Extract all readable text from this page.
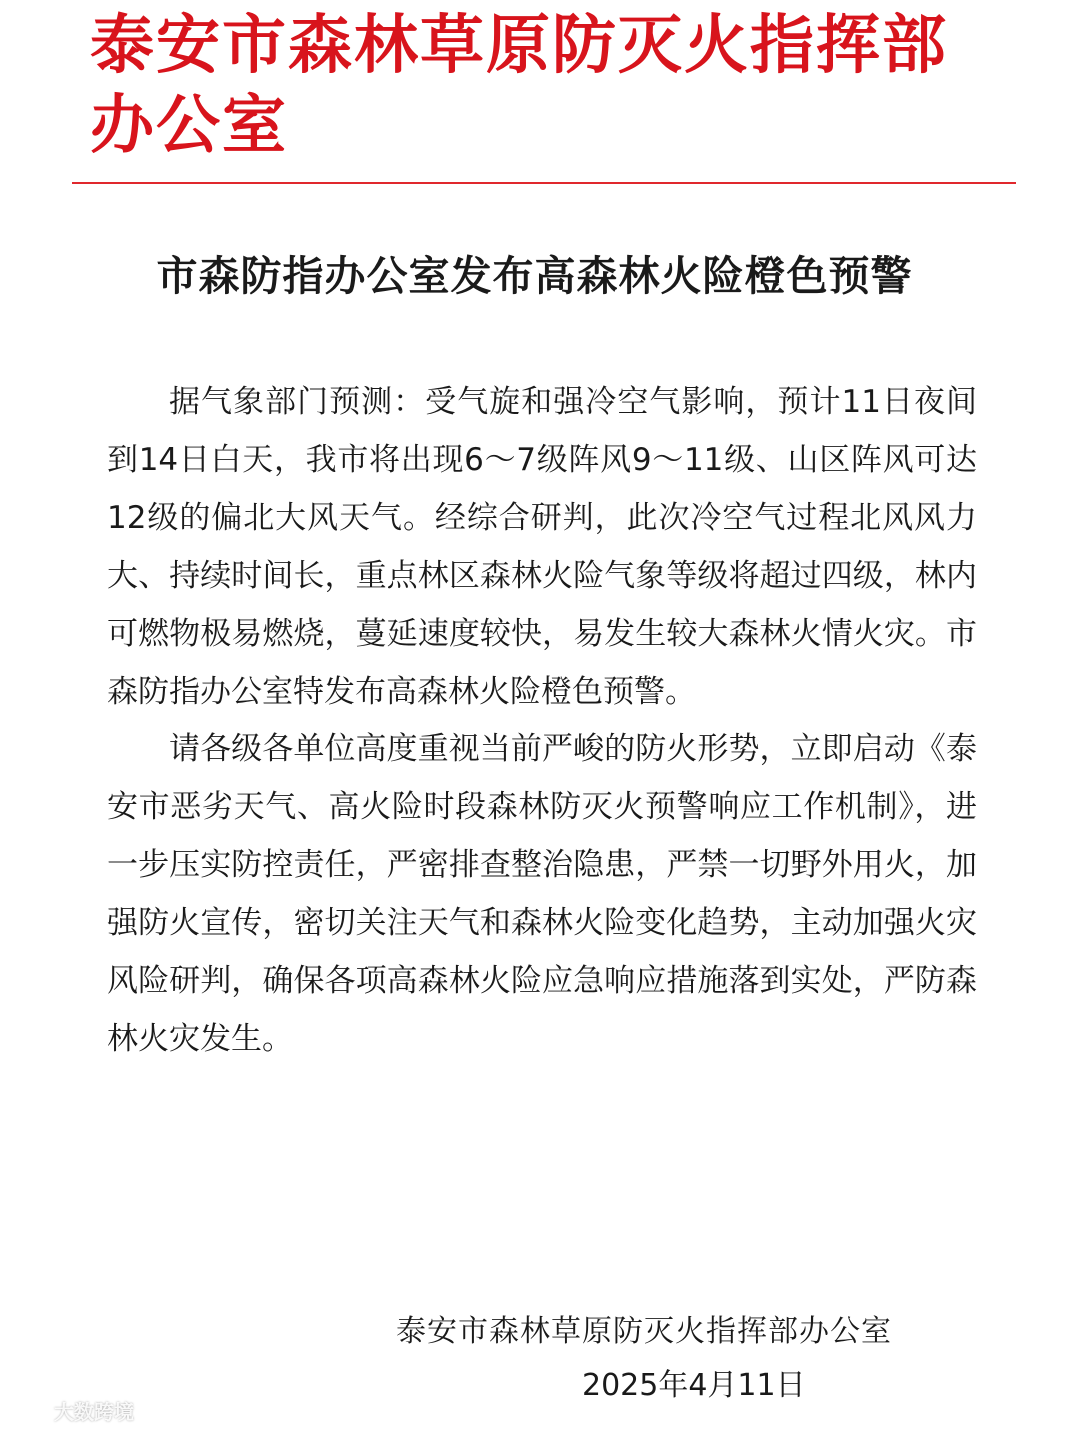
泰安市森林草原防灭火指挥部办公室
市森防指办公室发布高森林火险橙色预警

据气象部门预测：受气旋和强冷空气影响，预计11日夜间到14日白天，我市将出现6～7级阵风9～11级、山区阵风可达12级的偏北大风天气。经综合研判，此次冷空气过程北风风力大、持续时间长，重点林区森林火险气象等级将超过四级，林内可燃物极易燃烧，蔓延速度较快，易发生较大森林火情火灾。市森防指办公室特发布高森林火险橙色预警。

请各级各单位高度重视当前严峻的防火形势，立即启动《泰安市恶劣天气、高火险时段森林防灭火预警响应工作机制》，进一步压实防控责任，严密排查整治隐患，严禁一切野外用火，加强防火宣传，密切关注天气和森林火险变化趋势，主动加强火灾风险研判，确保各项高森林火险应急响应措施落到实处，严防森林火灾发生。

泰安市森林草原防灭火指挥部办公室
2025年4月11日
大数跨境
